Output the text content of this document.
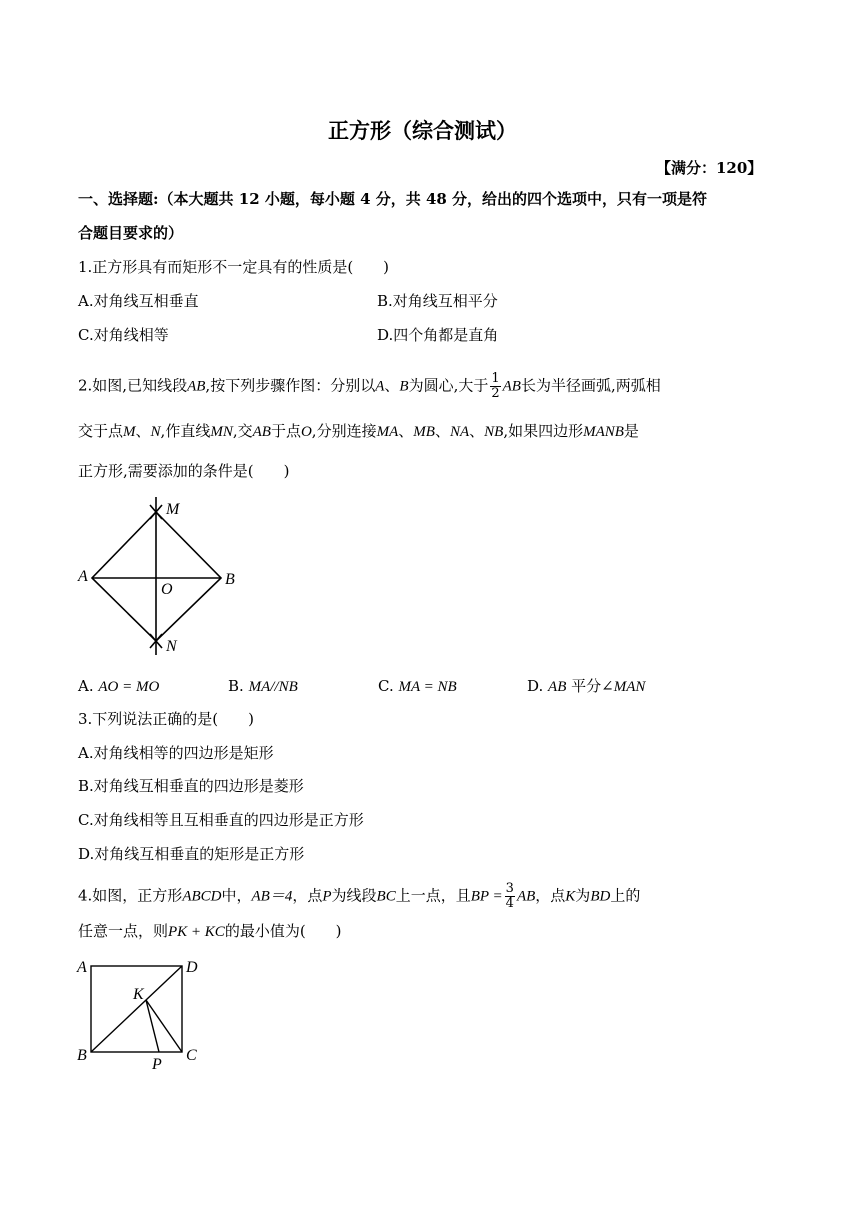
正方形（综合测试）
【满分：120】
一、选择题:（本大题共 12 小题，每小题 4 分，共 48 分，给出的四个选项中，只有一项是符
合题目要求的）
1.正方形具有而矩形不一定具有的性质是(　　)
A.对角线互相垂直	B.对角线互相平分
C.对角线相等	D.四个角都是直角
2.如图,已知线段AB,按下列步骤作图：分别以A、B为圆心,大于 $\frac{1}{2}$ AB长为半径画弧,两弧相
交于点M、N,作直线MN,交AB于点O,分别连接MA、MB、NA、NB,如果四边形MANB是
正方形,需要添加的条件是(　　)
M
A
O
B
N
A. AO = MO	B. MA//NB	C. MA = NB	D. AB 平分∠MAN
3.下列说法正确的是(　　)
A.对角线相等的四边形是矩形
B.对角线互相垂直的四边形是菱形
C.对角线相等且互相垂直的四边形是正方形
D.对角线互相垂直的矩形是正方形
4.如图，正方形ABCD中，AB＝4，点P为线段BC上一点，且BP = $\frac{3}{4}$ AB，点K为BD上的
任意一点，则PK + KC的最小值为(　　)
A	D
K
B
P
C
